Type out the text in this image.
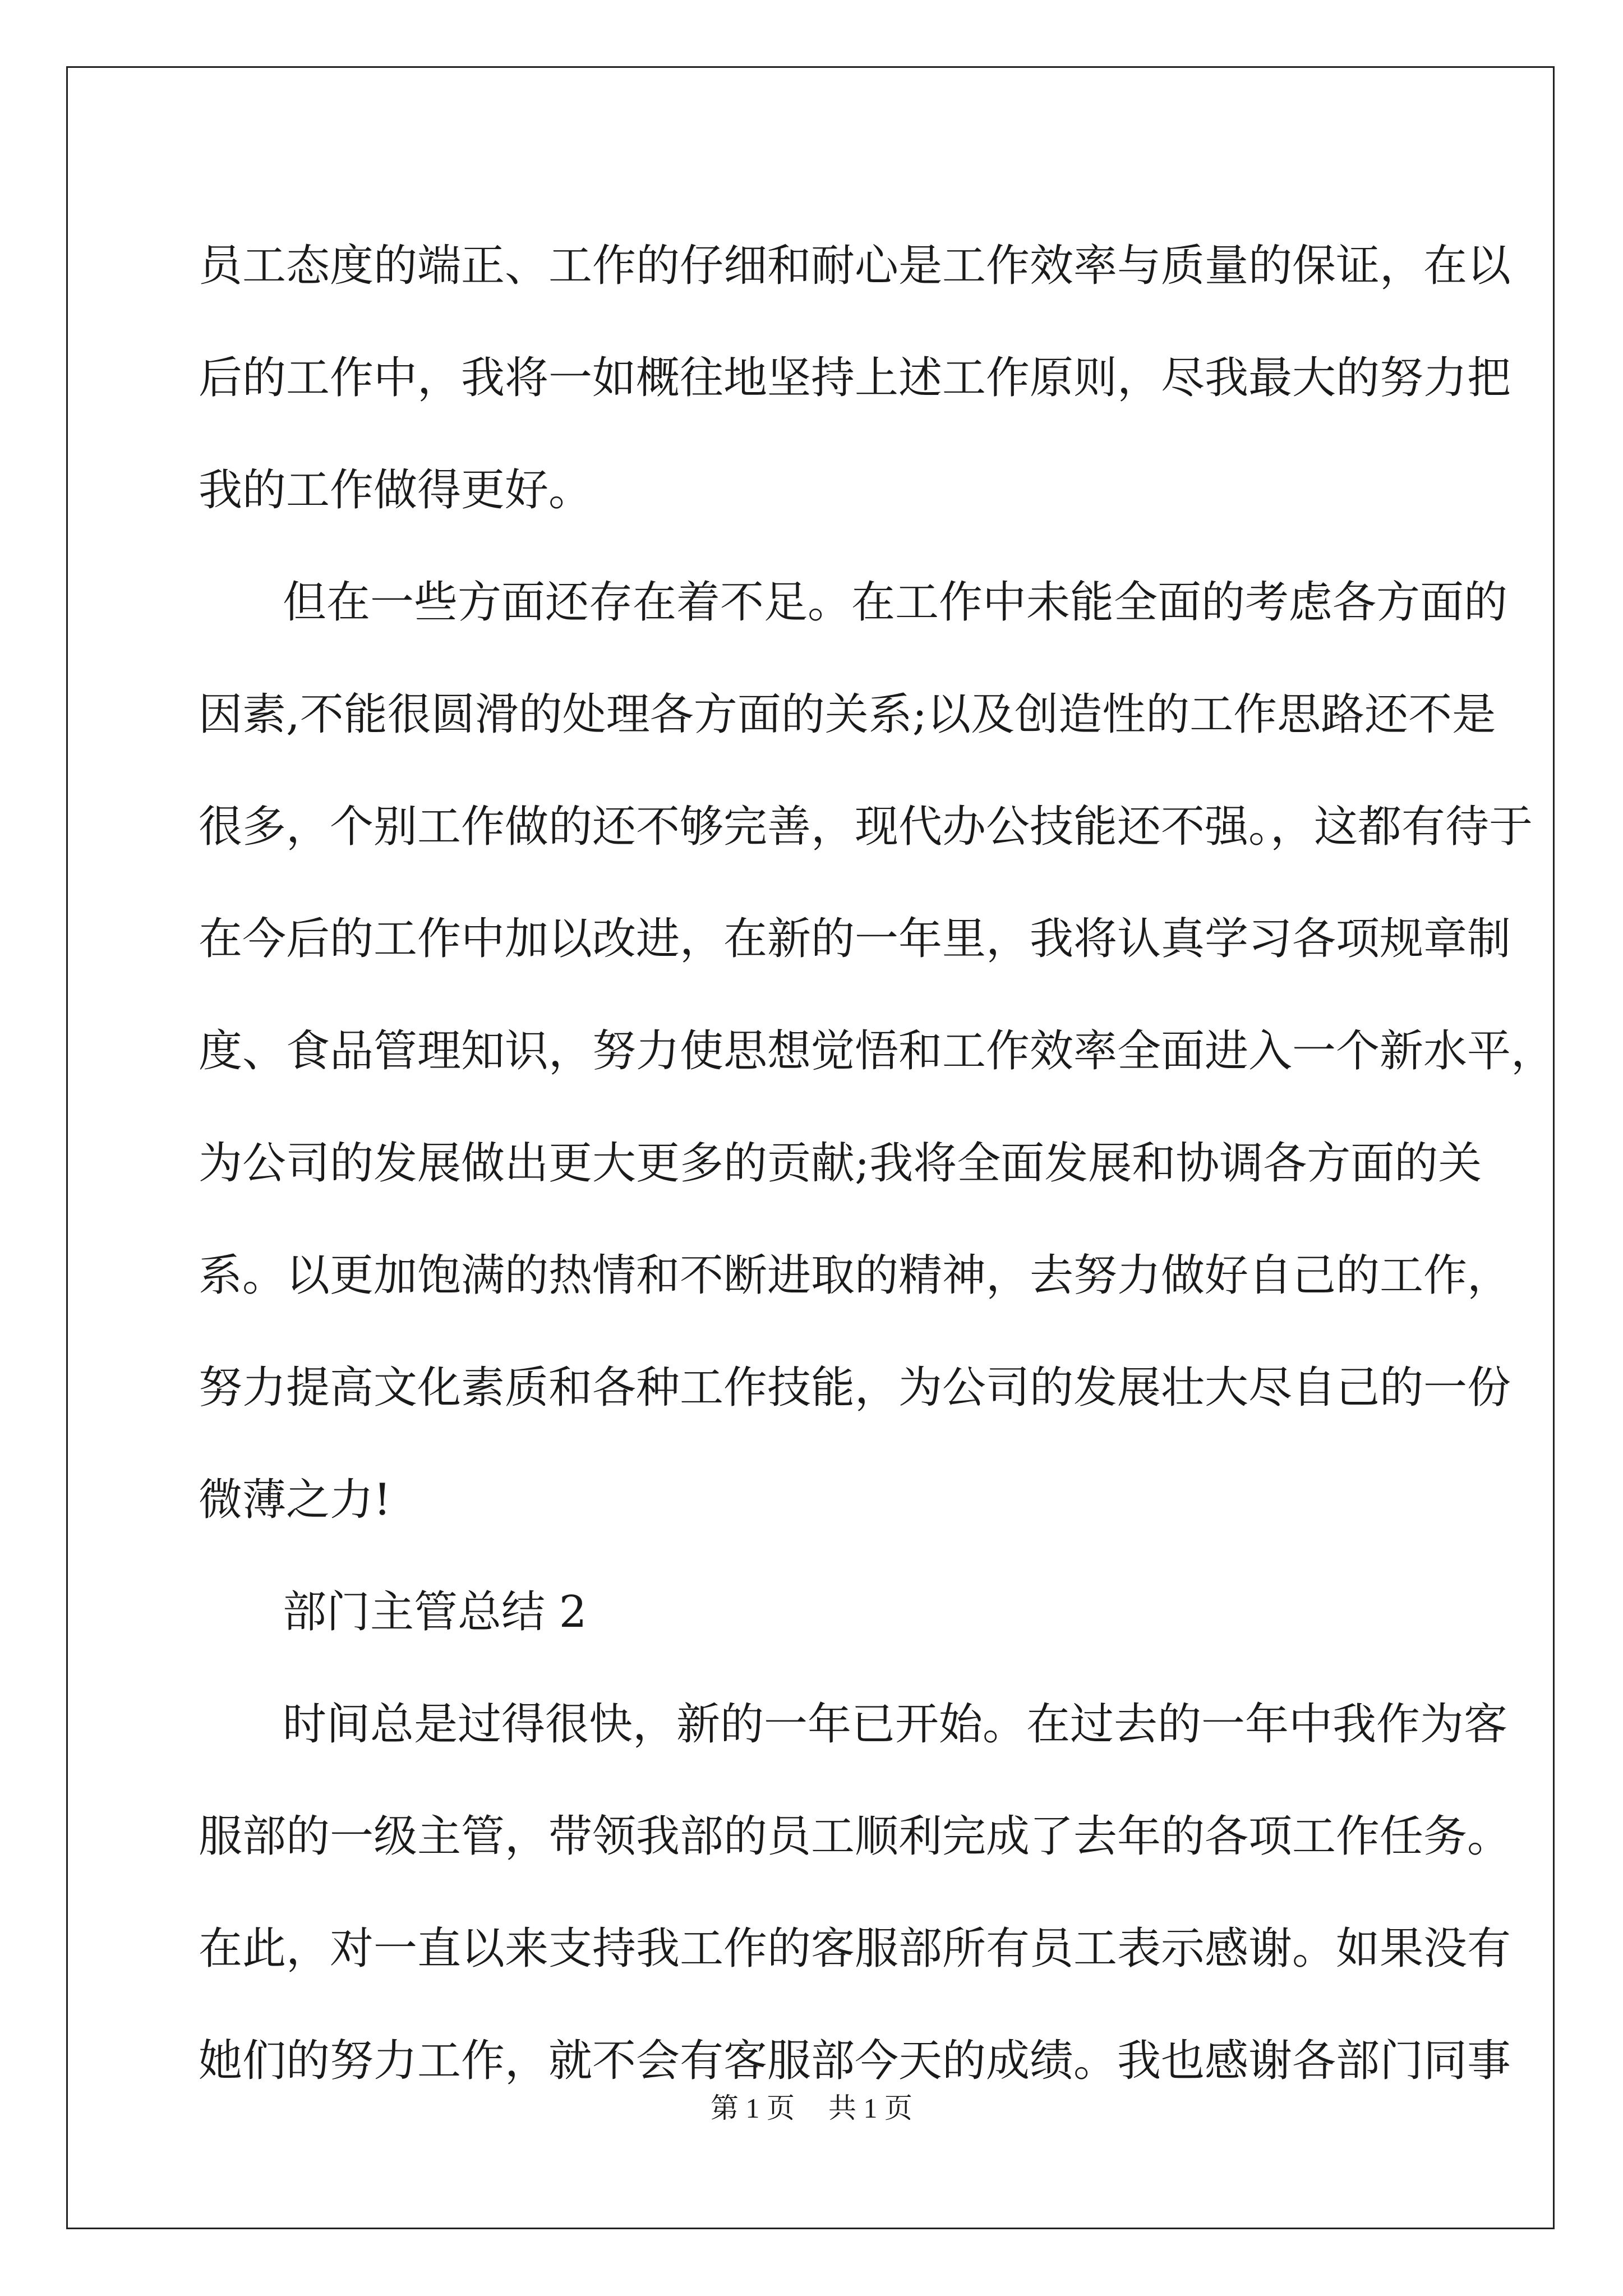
员工态度的端正、工作的仔细和耐心是工作效率与质量的保证，在以
后的工作中，我将一如概往地坚持上述工作原则，尽我最大的努力把
我的工作做得更好。
但在一些方面还存在着不足。在工作中未能全面的考虑各方面的
因素,不能很圆滑的处理各方面的关系;以及创造性的工作思路还不是
很多，个别工作做的还不够完善，现代办公技能还不强。，这都有待于
在今后的工作中加以改进，在新的一年里，我将认真学习各项规章制
度、食品管理知识，努力使思想觉悟和工作效率全面进入一个新水平，
为公司的发展做出更大更多的贡献;我将全面发展和协调各方面的关
系。以更加饱满的热情和不断进取的精神，去努力做好自己的工作，
努力提高文化素质和各种工作技能，为公司的发展壮大尽自己的一份
微薄之力!
部门主管总结 2
时间总是过得很快，新的一年已开始。在过去的一年中我作为客
服部的一级主管，带领我部的员工顺利完成了去年的各项工作任务。
在此，对一直以来支持我工作的客服部所有员工表示感谢。如果没有
她们的努力工作，就不会有客服部今天的成绩。我也感谢各部门同事
第 1 页 共 1 页
